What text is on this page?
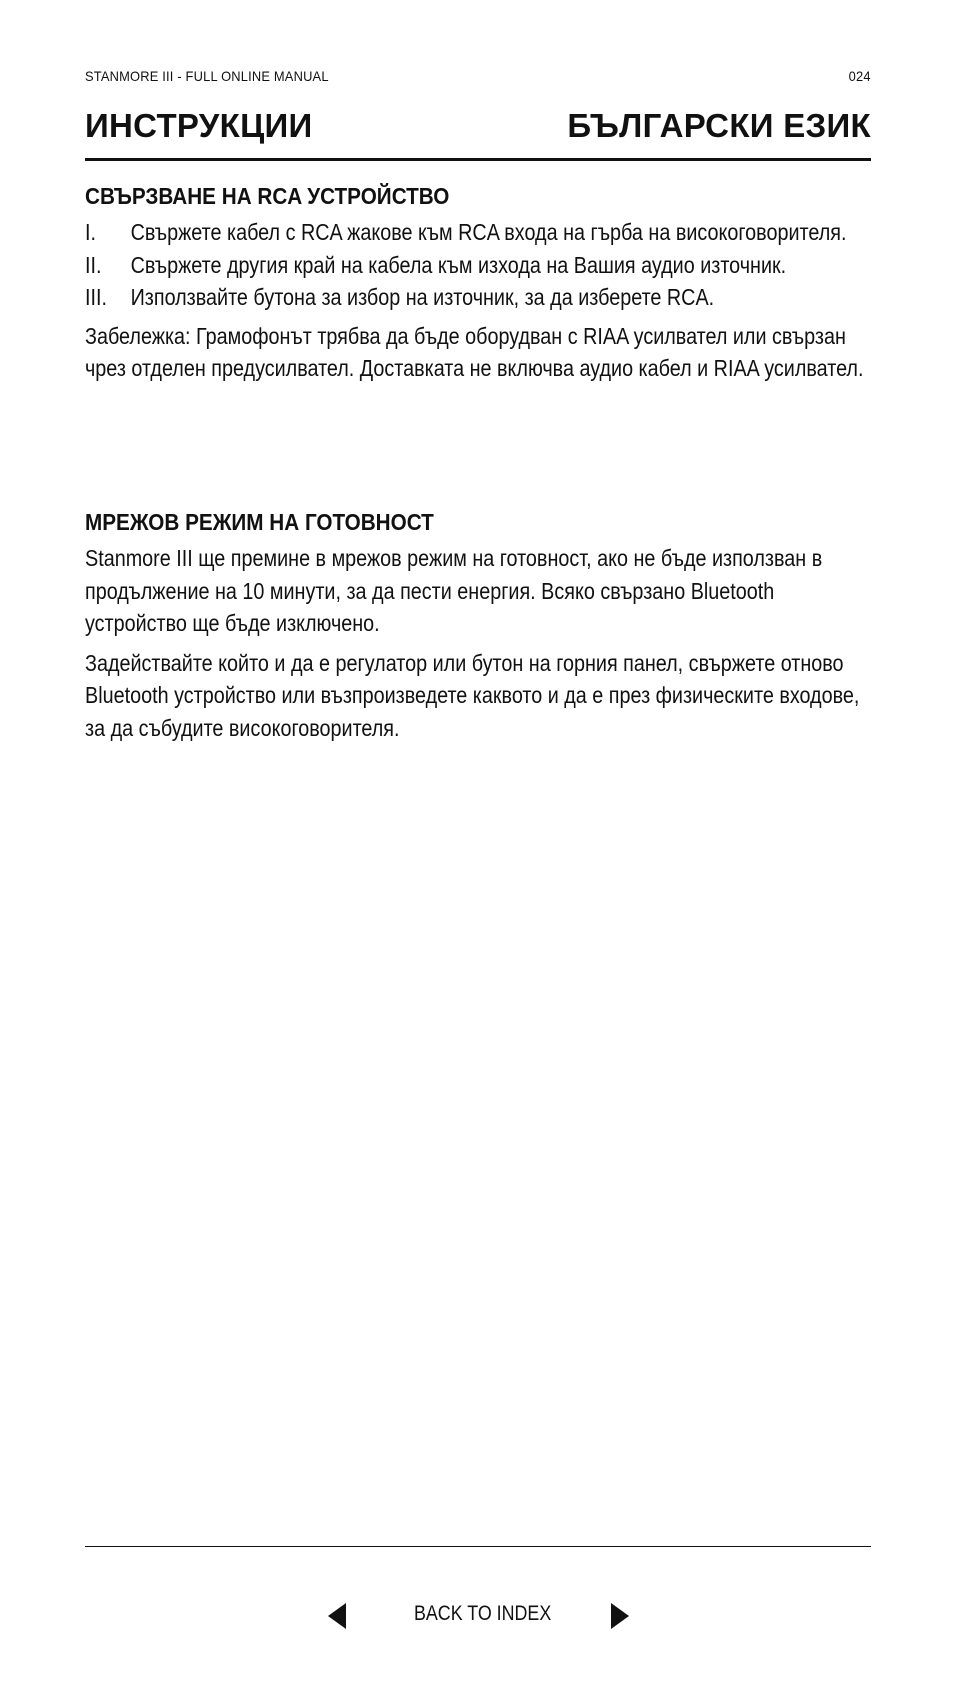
STANMORE III - FULL ONLINE MANUAL	024
ИНСТРУКЦИИ	БЪЛГАРСКИ ЕЗИК
СВЪРЗВАНЕ НА RCA УСТРОЙСТВО
I. Свържете кабел с RCA жакове към RCA входа на гърба на високоговорителя.
II. Свържете другия край на кабела към изхода на Вашия аудио източник.
III. Използвайте бутона за избор на източник, за да изберете RCA.

Забележка: Грамофонът трябва да бъде оборудван с RIAA усилвател или свързан чрез отделен предусилвател. Доставката не включва аудио кабел и RIAA усилвател.

МРЕЖОВ РЕЖИМ НА ГОТОВНОСТ

Stanmore III ще премине в мрежов режим на готовност, ако не бъде използван в продължение на 10 минути, за да пести енергия. Всяко свързано Bluetooth устройство ще бъде изключено.

Задействайте който и да е регулатор или бутон на горния панел, свържете отново Bluetooth устройство или възпроизведете каквото и да е през физическите входове, за да събудите високоговорителя.

BACK TO INDEX
